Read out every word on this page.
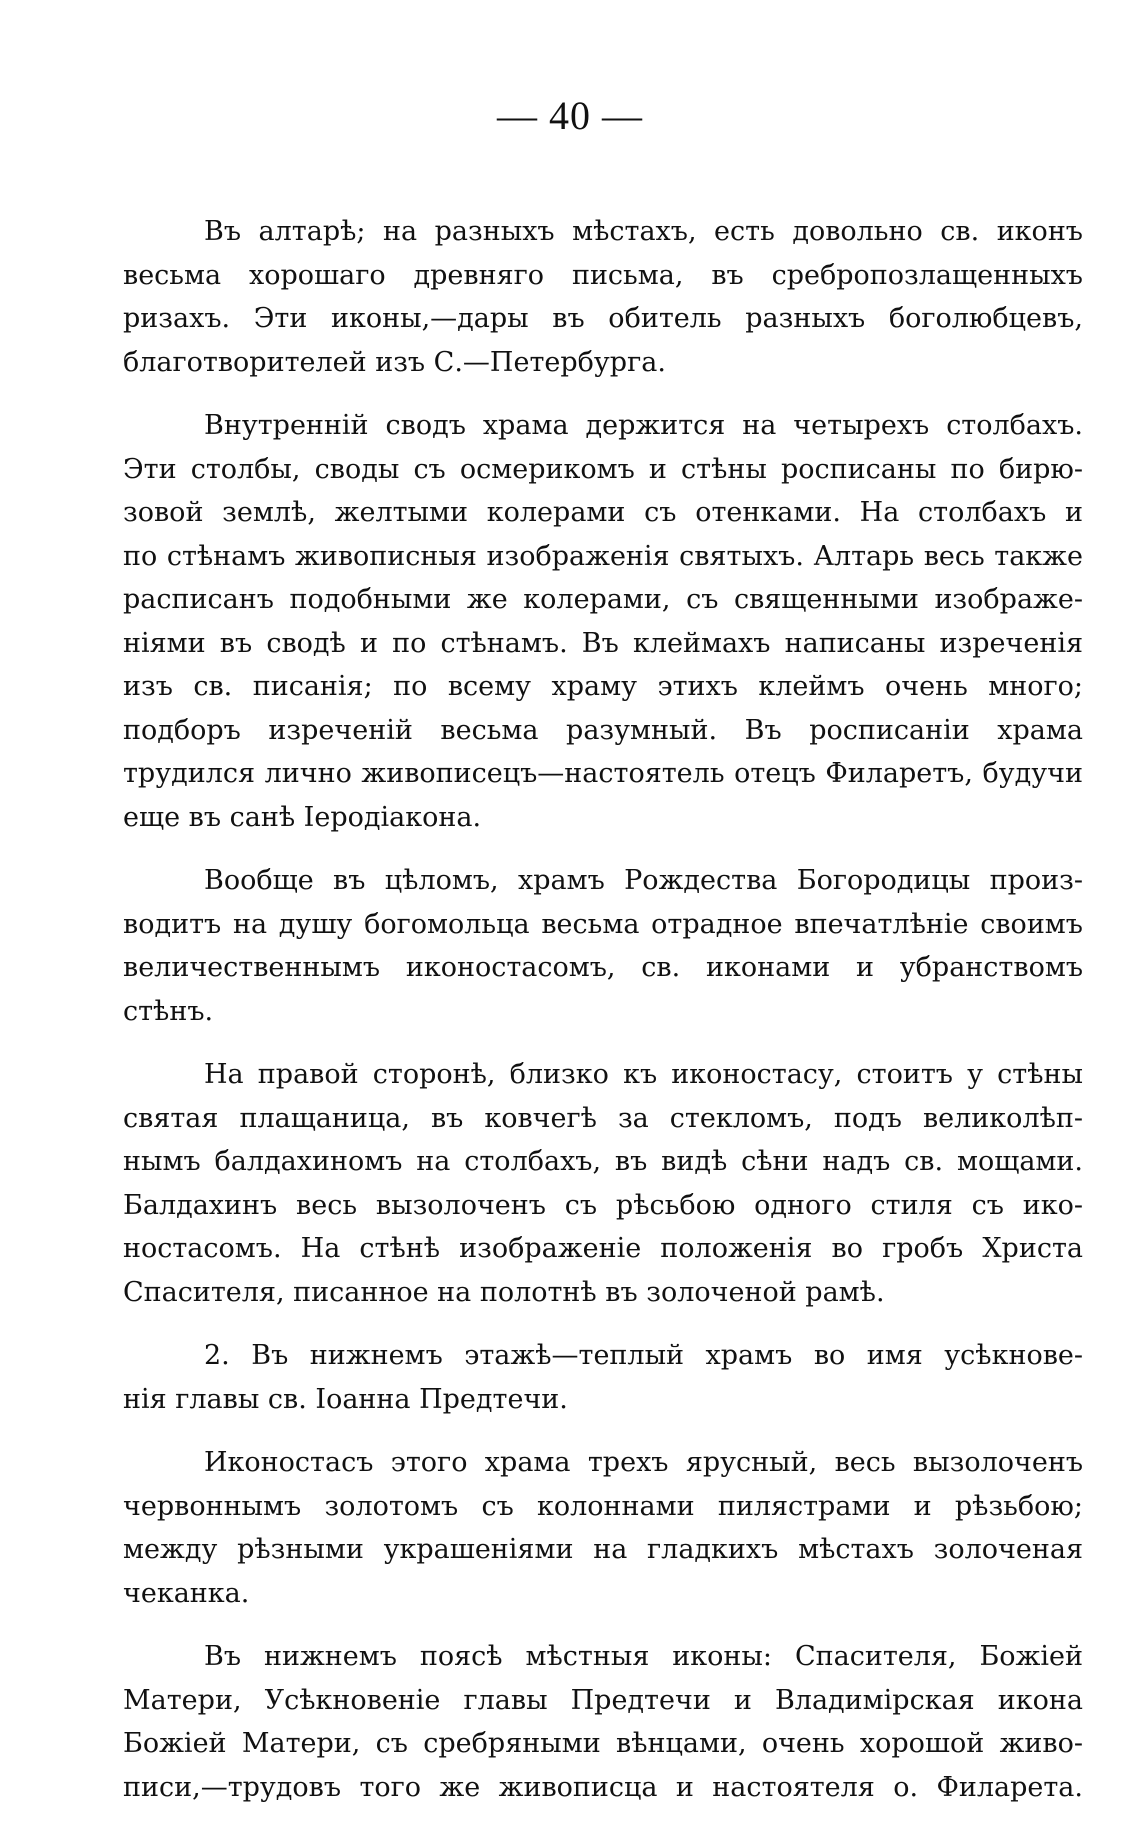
— 40 —
Въ алтарѣ; на разныхъ мѣстахъ, есть довольно св. иконъ
весьма хорошаго древняго письма, въ сребропозлащенныхъ
ризахъ. Эти иконы,—дары въ обитель разныхъ боголюбцевъ,
благотворителей изъ С.—Петербурга.
Внутренній сводъ храма держится на четырехъ столбахъ.
Эти столбы, своды съ осмерикомъ и стѣны росписаны по бирю-
зовой землѣ, желтыми колерами съ отенками. На столбахъ и
по стѣнамъ живописныя изображенія святыхъ. Алтарь весь также
расписанъ подобными же колерами, съ священными изображе-
ніями въ сводѣ и по стѣнамъ. Въ клеймахъ написаны изреченія
изъ св. писанія; по всему храму этихъ клеймъ очень много;
подборъ изреченій весьма разумный. Въ росписаніи храма
трудился лично живописецъ—настоятель отецъ Филаретъ, будучи
еще въ санѣ Іеродіакона.
Вообще въ цѣломъ, храмъ Рождества Богородицы произ-
водитъ на душу богомольца весьма отрадное впечатлѣніе своимъ
величественнымъ иконостасомъ, св. иконами и убранствомъ
стѣнъ.
На правой сторонѣ, близко къ иконостасу, стоитъ у стѣны
святая плащаница, въ ковчегѣ за стекломъ, подъ великолѣп-
нымъ балдахиномъ на столбахъ, въ видѣ сѣни надъ св. мощами.
Балдахинъ весь вызолоченъ съ рѣсьбою одного стиля съ ико-
ностасомъ. На стѣнѣ изображеніе положенія во гробъ Христа
Спасителя, писанное на полотнѣ въ золоченой рамѣ.
2. Въ нижнемъ этажѣ—теплый храмъ во имя усѣкнове-
нія главы св. Іоанна Предтечи.
Иконостасъ этого храма трехъ ярусный, весь вызолоченъ
червоннымъ золотомъ съ колоннами пилястрами и рѣзьбою;
между рѣзными украшеніями на гладкихъ мѣстахъ золоченая
чеканка.
Въ нижнемъ поясѣ мѣстныя иконы: Спасителя, Божіей
Матери, Усѣкновеніе главы Предтечи и Владимірская икона
Божіей Матери, съ сребряными вѣнцами, очень хорошой живо-
писи,—трудовъ того же живописца и настоятеля о. Филарета.
